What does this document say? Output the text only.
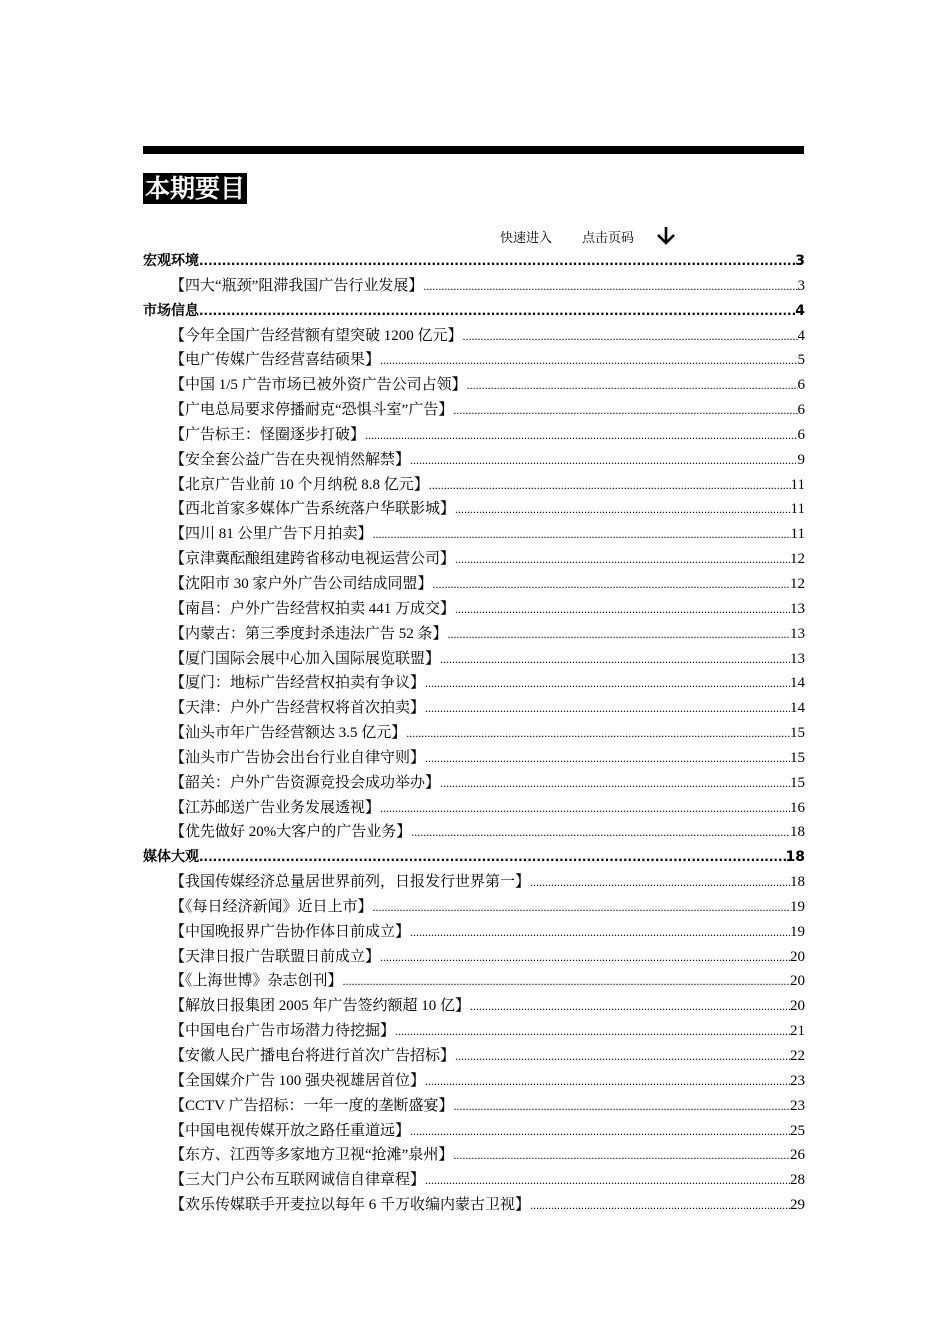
本期要目
快速进入 点击页码
宏观环境 .....	3
【四大“瓶颈”阻滞我国广告行业发展】 .....	3
市场信息 .....	4
【今年全国广告经营额有望突破 1200 亿元】 .....	4
【电广传媒广告经营喜结硕果】 .....	5
【中国 1/5 广告市场已被外资广告公司占领】 .....	6
【广电总局要求停播耐克“恐惧斗室”广告】 .....	6
【广告标王：怪圈逐步打破】 .....	6
【安全套公益广告在央视悄然解禁】 .....	9
【北京广告业前 10 个月纳税 8.8 亿元】 .....	11
【西北首家多媒体广告系统落户华联影城】 .....	11
【四川 81 公里广告下月拍卖】 .....	11
【京津冀酝酿组建跨省移动电视运营公司】 .....	12
【沈阳市 30 家户外广告公司结成同盟】 .....	12
【南昌：户外广告经营权拍卖 441 万成交】 .....	13
【内蒙古：第三季度封杀违法广告 52 条】 .....	13
【厦门国际会展中心加入国际展览联盟】 .....	13
【厦门：地标广告经营权拍卖有争议】 .....	14
【天津：户外广告经营权将首次拍卖】 .....	14
【汕头市年广告经营额达 3.5 亿元】 .....	15
【汕头市广告协会出台行业自律守则】 .....	15
【韶关：户外广告资源竞投会成功举办】 .....	15
【江苏邮送广告业务发展透视】 .....	16
【优先做好 20%大客户的广告业务】 .....	18
媒体大观 .....	18
【我国传媒经济总量居世界前列，日报发行世界第一】 .....	18
【《每日经济新闻》近日上市】 .....	19
【中国晚报界广告协作体日前成立】 .....	19
【天津日报广告联盟日前成立】 .....	20
【《上海世博》杂志创刊】 .....	20
【解放日报集团 2005 年广告签约额超 10 亿】 .....	20
【中国电台广告市场潜力待挖掘】 .....	21
【安徽人民广播电台将进行首次广告招标】 .....	22
【全国媒介广告 100 强央视雄居首位】 .....	23
【CCTV 广告招标：一年一度的垄断盛宴】 .....	23
【中国电视传媒开放之路任重道远】 .....	25
【东方、江西等多家地方卫视“抢滩”泉州】 .....	26
【三大门户公布互联网诚信自律章程】 .....	28
【欢乐传媒联手开麦拉以每年 6 千万收编内蒙古卫视】 .....	29
